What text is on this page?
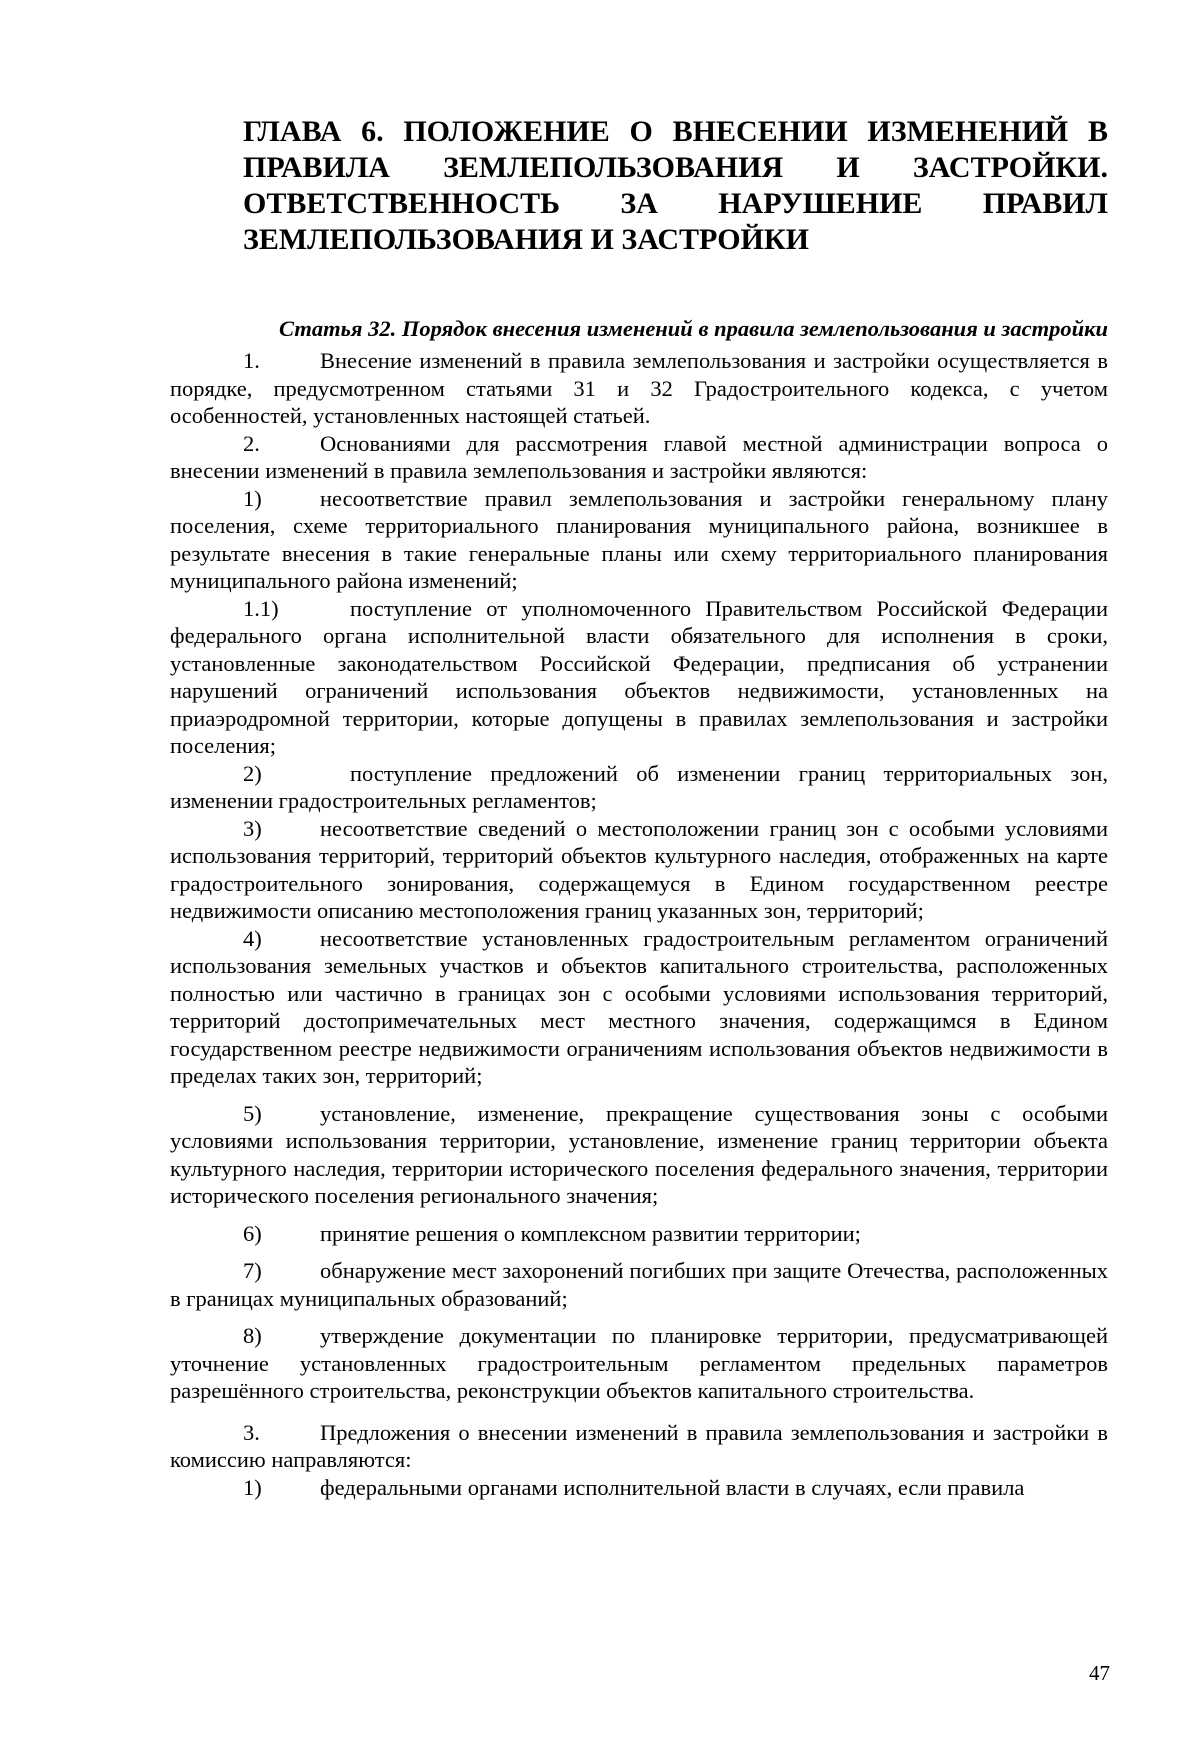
ГЛАВА 6. ПОЛОЖЕНИЕ О ВНЕСЕНИИ ИЗМЕНЕНИЙ В ПРАВИЛА ЗЕМЛЕПОЛЬЗОВАНИЯ И ЗАСТРОЙКИ. ОТВЕТСТВЕННОСТЬ ЗА НАРУШЕНИЕ ПРАВИЛ ЗЕМЛЕПОЛЬЗОВАНИЯ И ЗАСТРОЙКИ
Статья 32. Порядок внесения изменений в правила землепользования и застройки

1.	Внесение изменений в правила землепользования и застройки осуществляется в порядке, предусмотренном статьями 31 и 32 Градостроительного кодекса, с учетом особенностей, установленных настоящей статьей.

2.	Основаниями для рассмотрения главой местной администрации вопроса о внесении изменений в правила землепользования и застройки являются:

1)	несоответствие правил землепользования и застройки генеральному плану поселения, схеме территориального планирования муниципального района, возникшее в результате внесения в такие генеральные планы или схему территориального планирования муниципального района изменений;

1.1)	поступление от уполномоченного Правительством Российской Федерации федерального органа исполнительной власти обязательного для исполнения в сроки, установленные законодательством Российской Федерации, предписания об устранении нарушений ограничений использования объектов недвижимости, установленных на приаэродромной территории, которые допущены в правилах землепользования и застройки поселения;

2)	поступление предложений об изменении границ территориальных зон, изменении градостроительных регламентов;

3)	несоответствие сведений о местоположении границ зон с особыми условиями использования территорий, территорий объектов культурного наследия, отображенных на карте градостроительного зонирования, содержащемуся в Едином государственном реестре недвижимости описанию местоположения границ указанных зон, территорий;

4)	несоответствие установленных градостроительным регламентом ограничений использования земельных участков и объектов капитального строительства, расположенных полностью или частично в границах зон с особыми условиями использования территорий, территорий достопримечательных мест местного значения, содержащимся в Едином государственном реестре недвижимости ограничениям использования объектов недвижимости в пределах таких зон, территорий;

5)	установление, изменение, прекращение существования зоны с особыми условиями использования территории, установление, изменение границ территории объекта культурного наследия, территории исторического поселения федерального значения, территории исторического поселения регионального значения;

6)	принятие решения о комплексном развитии территории;

7)	обнаружение мест захоронений погибших при защите Отечества, расположенных в границах муниципальных образований;

8)	утверждение документации по планировке территории, предусматривающей уточнение установленных градостроительным регламентом предельных параметров разрешённого строительства, реконструкции объектов капитального строительства.

3.	Предложения о внесении изменений в правила землепользования и застройки в комиссию направляются:

1)	федеральными органами исполнительной власти в случаях, если правила

47
